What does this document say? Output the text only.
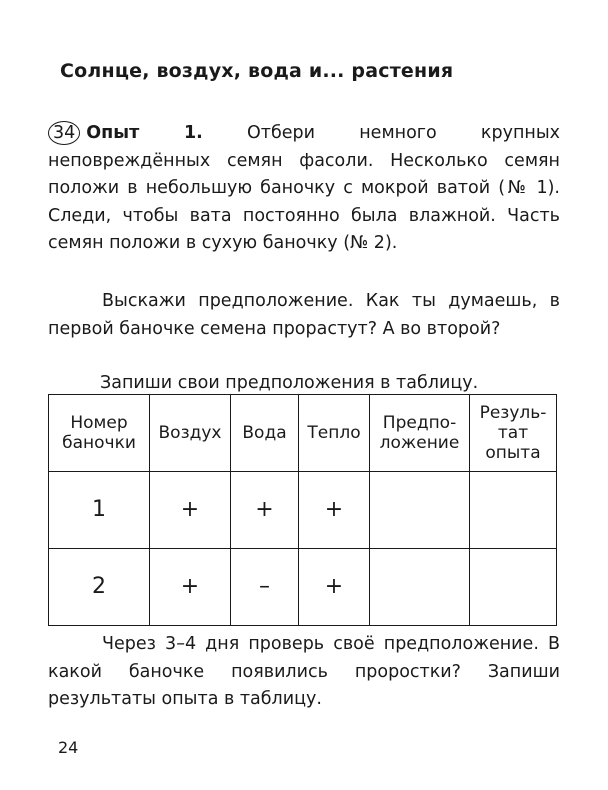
Солнце, воздух, вода и... растения
34 Опыт 1. Отбери немного крупных неповреждённых семян фасоли. Несколько семян положи в небольшую баночку с мокрой ватой (№ 1). Следи, чтобы вата постоянно была влажной. Часть семян положи в сухую баночку (№ 2).
Выскажи предположение. Как ты думаешь, в первой баночке семена прорастут? А во второй?
Запиши свои предположения в таблицу.
Номер баночки	Воздух	Вода	Тепло	Предпо-ложение	Резуль-тат опыта
1	+	+	+		
2	+	–	+		
Через 3–4 дня проверь своё предположение. В какой баночке появились проростки? Запиши результаты опыта в таблицу.
24
